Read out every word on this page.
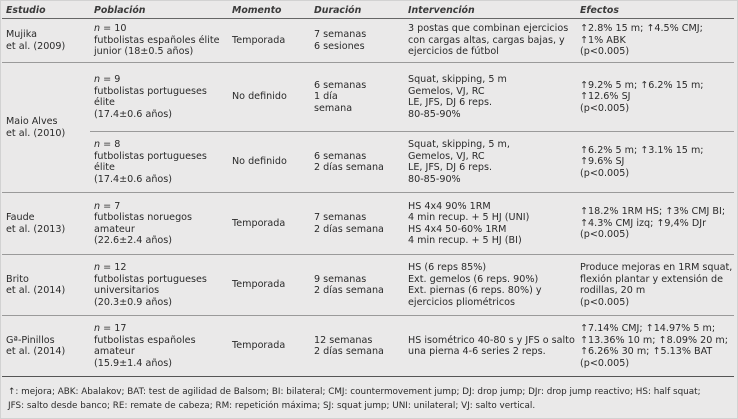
Estudio	Población	Momento	Duración	Intervención	Efectos
Mujika
et al. (2009)	n = 10
futbolistas españoles élite
junior (18±0.5 años)	Temporada	7 semanas
6 sesiones	3 postas que combinan ejercicios con cargas altas, cargas bajas, y ejercicios de fútbol	↑2.8% 15 m; ↑4.5% CMJ;
↑1% ABK
(p<0.005)
Maio Alves
et al. (2010)	n = 9
futbolistas portugueses
élite
(17.4±0.6 años)	No definido	6 semanas
1 día
semana	Squat, skipping, 5 m
Gemelos, VJ, RC
LE, JFS, DJ 6 reps.
80-85-90%	↑9.2% 5 m; ↑6.2% 15 m;
↑12.6% SJ
(p<0.005)
	n = 8
futbolistas portugueses
élite
(17.4±0.6 años)	No definido	6 semanas
2 días semana	Squat, skipping, 5 m,
Gemelos, VJ, RC
LE, JFS, DJ 6 reps.
80-85-90%	↑6.2% 5 m; ↑3.1% 15 m;
↑9.6% SJ
(p<0.005)
Faude
et al. (2013)	n = 7
futbolistas noruegos
amateur
(22.6±2.4 años)	Temporada	7 semanas
2 días semana	HS 4x4 90% 1RM
4 min recup. + 5 HJ (UNI)
HS 4x4 50-60% 1RM
4 min recup. + 5 HJ (BI)	↑18.2% 1RM HS; ↑3% CMJ BI; ↑4.3% CMJ izq; ↑9,4% DJr
(p<0.005)
Brito
et al. (2014)	n = 12
futbolistas portugueses
universitarios
(20.3±0.9 años)	Temporada	9 semanas
2 días semana	HS (6 reps 85%)
Ext. gemelos (6 reps. 90%)
Ext. piernas (6 reps. 80%) y
ejercicios pliométricos	Produce mejoras en 1RM squat, flexión plantar y extensión de rodillas, 20 m
(p<0.005)
Gª-Pinillos
et al. (2014)	n = 17
futbolistas españoles
amateur
(15.9±1.4 años)	Temporada	12 semanas
2 días semana	HS isométrico 40-80 s y JFS o salto una pierna 4-6 series 2 reps.	↑7.14% CMJ; ↑14.97% 5 m; ↑13.36% 10 m; ↑8.09% 20 m; ↑6.26% 30 m; ↑5.13% BAT
(p<0.005)
↑: mejora; ABK: Abalakov; BAT: test de agilidad de Balsom; BI: bilateral; CMJ: countermovement jump; DJ: drop jump; DJr: drop jump reactivo; HS: half squat;
JFS: salto desde banco; RE: remate de cabeza; RM: repetición máxima; SJ: squat jump; UNI: unilateral; VJ: salto vertical.
